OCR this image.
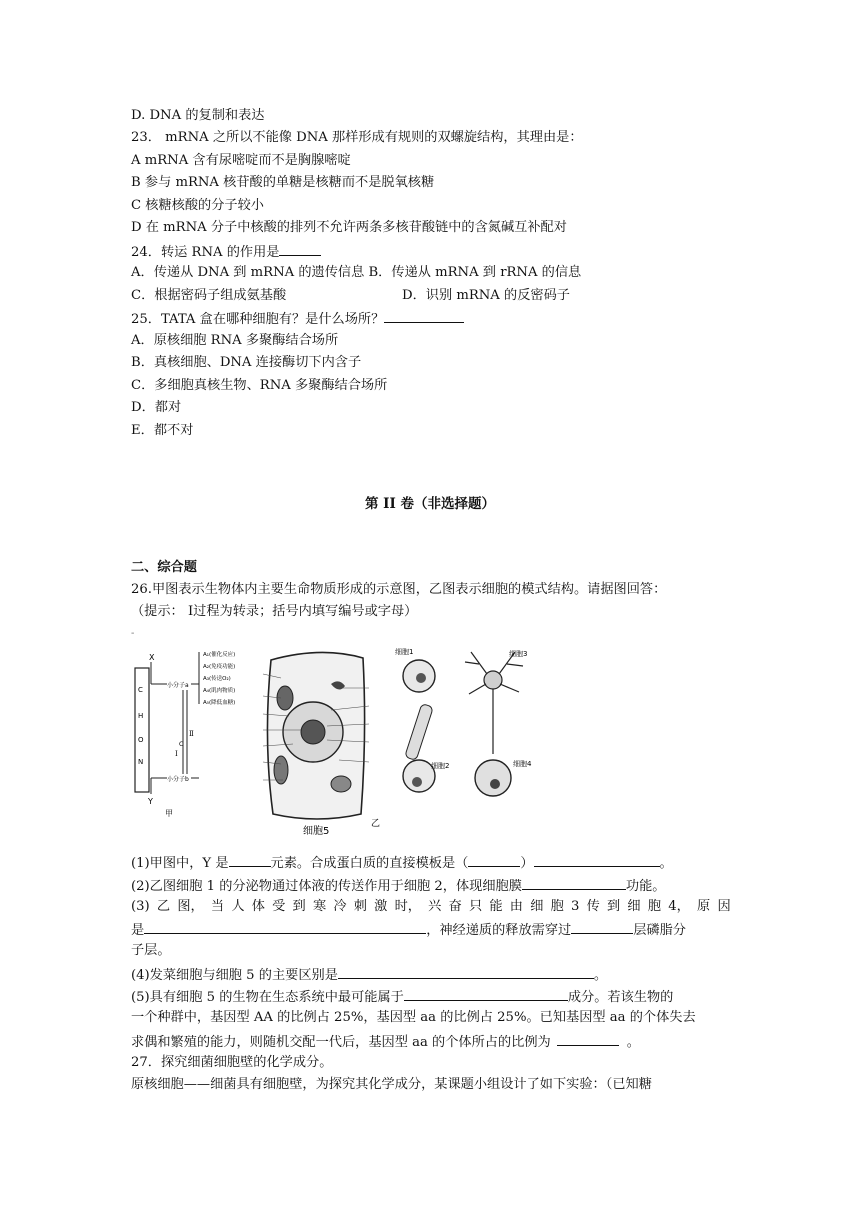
D. DNA 的复制和表达
23． mRNA 之所以不能像 DNA 那样形成有规则的双螺旋结构，其理由是：
A mRNA 含有尿嘧啶而不是胸腺嘧啶
B 参与 mRNA 核苷酸的单糖是核糖而不是脱氧核糖
C 核糖核酸的分子较小
D 在 mRNA 分子中核酸的排列不允许两条多核苷酸链中的含氮碱互补配对
24．转运 RNA 的作用是
A．传递从 DNA 到 mRNA 的遗传信息 B．传递从 mRNA 到 rRNA 的信息
C．根据密码子组成氨基酸	D．识别 mRNA 的反密码子
25．TATA 盒在哪种细胞有？是什么场所？
A．原核细胞 RNA 多聚酶结合场所
B．真核细胞、DNA 连接酶切下内含子
C．多细胞真核生物、RNA 多聚酶结合场所
D．都对
E．都不对
第 II 卷（非选择题）
二、综合题
26.甲图表示生物体内主要生命物质形成的示意图，乙图表示细胞的模式结构。请据图回答：
（提示： Ⅰ过程为转录；括号内填写编号或字母）
-
X
C
H
O
N
小分子a
A₁(催化反应)
A₂(免疫功能)
A₃(传送O₂)
A₄(肌肉物质)
A₅(降低血糖)
Ⅱ
Ⅰ
C
小分子b
Y
甲
细胞5
乙
细胞1
细胞2
细胞3
细胞4
(1)甲图中，Y 是	元素。合成蛋白质的直接模板是（	）	。
(2)乙图细胞 1 的分泌物通过体液的传送作用于细胞 2，体现细胞膜	功能。
(3) 乙 图， 当 人 体 受 到 寒 冷 刺 激 时， 兴 奋 只 能 由 细 胞 3 传 到 细 胞 4， 原 因
是	，神经递质的释放需穿过	层磷脂分
子层。
(4)发菜细胞与细胞 5 的主要区别是	。
(5)具有细胞 5 的生物在生态系统中最可能属于	成分。若该生物的
一个种群中，基因型 AA 的比例占 25%，基因型 aa 的比例占 25%。已知基因型 aa 的个体失去
求偶和繁殖的能力，则随机交配一代后，基因型 aa 的个体所占的比例为	。
27．探究细菌细胞壁的化学成分。
原核细胞——细菌具有细胞壁，为探究其化学成分，某课题小组设计了如下实验：（已知糖
